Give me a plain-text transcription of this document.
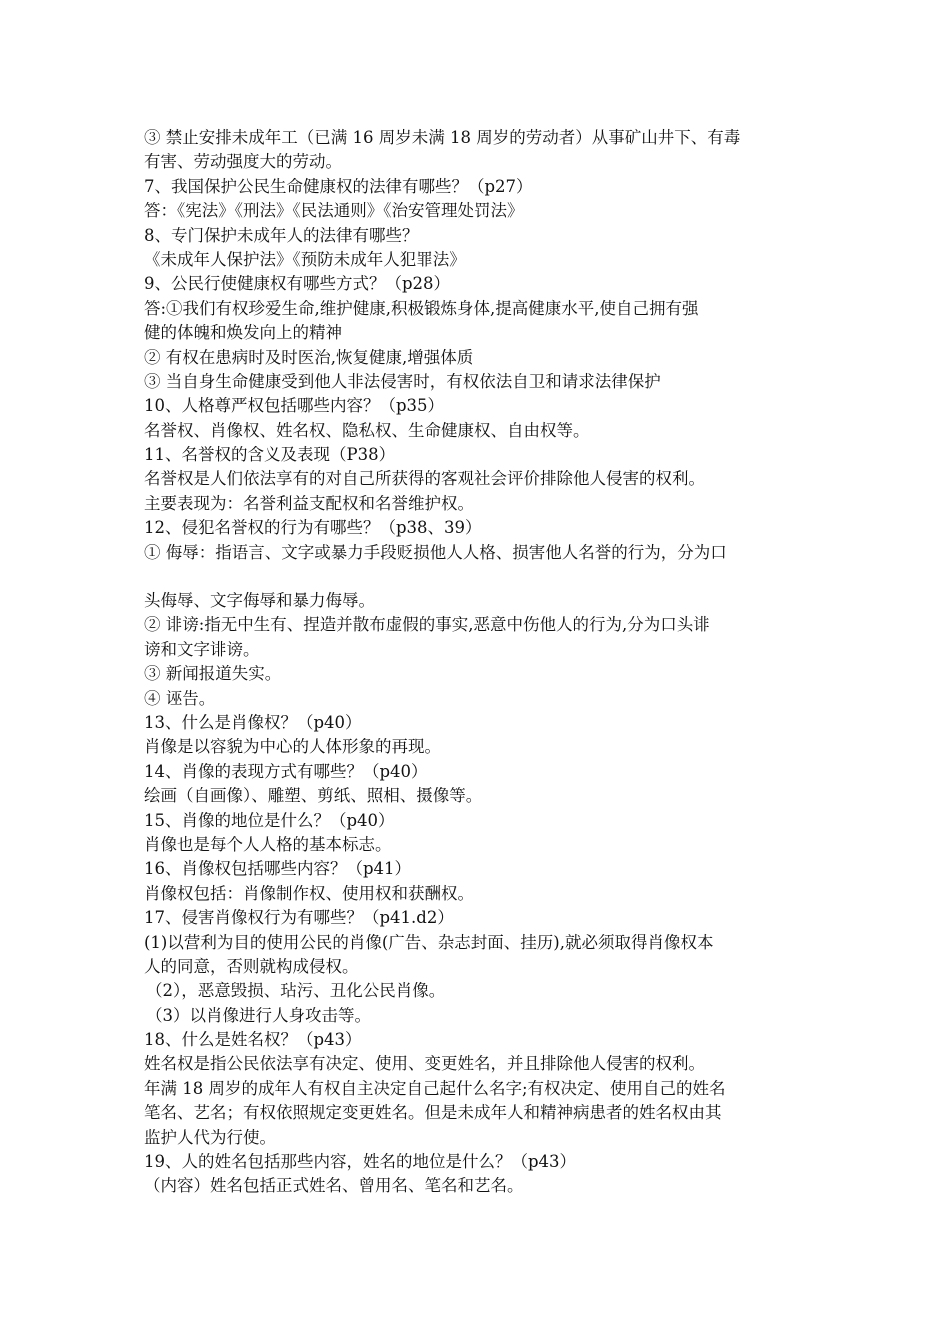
③ 禁止安排未成年工（已满 16 周岁未满 18 周岁的劳动者）从事矿山井下、有毒
有害、劳动强度大的劳动。
7、我国保护公民生命健康权的法律有哪些？（p27）
答：《宪法》《刑法》《民法通则》《治安管理处罚法》
8、专门保护未成年人的法律有哪些？
《未成年人保护法》《预防未成年人犯罪法》
9、公民行使健康权有哪些方式？（p28）
答:①我们有权珍爱生命,维护健康,积极锻炼身体,提高健康水平,使自己拥有强
健的体魄和焕发向上的精神
② 有权在患病时及时医治,恢复健康,增强体质
③ 当自身生命健康受到他人非法侵害时，有权依法自卫和请求法律保护
10、人格尊严权包括哪些内容？（p35）
名誉权、肖像权、姓名权、隐私权、生命健康权、自由权等。
11、名誉权的含义及表现（P38）
名誉权是人们依法享有的对自己所获得的客观社会评价排除他人侵害的权利。
主要表现为：名誉利益支配权和名誉维护权。
12、侵犯名誉权的行为有哪些？（p38、39）
① 侮辱：指语言、文字或暴力手段贬损他人人格、损害他人名誉的行为，分为口
头侮辱、文字侮辱和暴力侮辱。
② 诽谤:指无中生有、捏造并散布虚假的事实,恶意中伤他人的行为,分为口头诽
谤和文字诽谤。
③ 新闻报道失实。
④ 诬告。
13、什么是肖像权？（p40）
肖像是以容貌为中心的人体形象的再现。
14、肖像的表现方式有哪些？（p40）
绘画（自画像）、雕塑、剪纸、照相、摄像等。
15、肖像的地位是什么？（p40）
肖像也是每个人人格的基本标志。
16、肖像权包括哪些内容？（p41）
肖像权包括：肖像制作权、使用权和获酬权。
17、侵害肖像权行为有哪些？（p41.d2）
(1)以营利为目的使用公民的肖像(广告、杂志封面、挂历),就必须取得肖像权本
人的同意，否则就构成侵权。
（2），恶意毁损、玷污、丑化公民肖像。
（3）以肖像进行人身攻击等。
18、什么是姓名权？（p43）
姓名权是指公民依法享有决定、使用、变更姓名，并且排除他人侵害的权利。
年满 18 周岁的成年人有权自主决定自己起什么名字;有权决定、使用自己的姓名
笔名、艺名；有权依照规定变更姓名。但是未成年人和精神病患者的姓名权由其
监护人代为行使。
19、人的姓名包括那些内容，姓名的地位是什么？（p43）
（内容）姓名包括正式姓名、曾用名、笔名和艺名。
